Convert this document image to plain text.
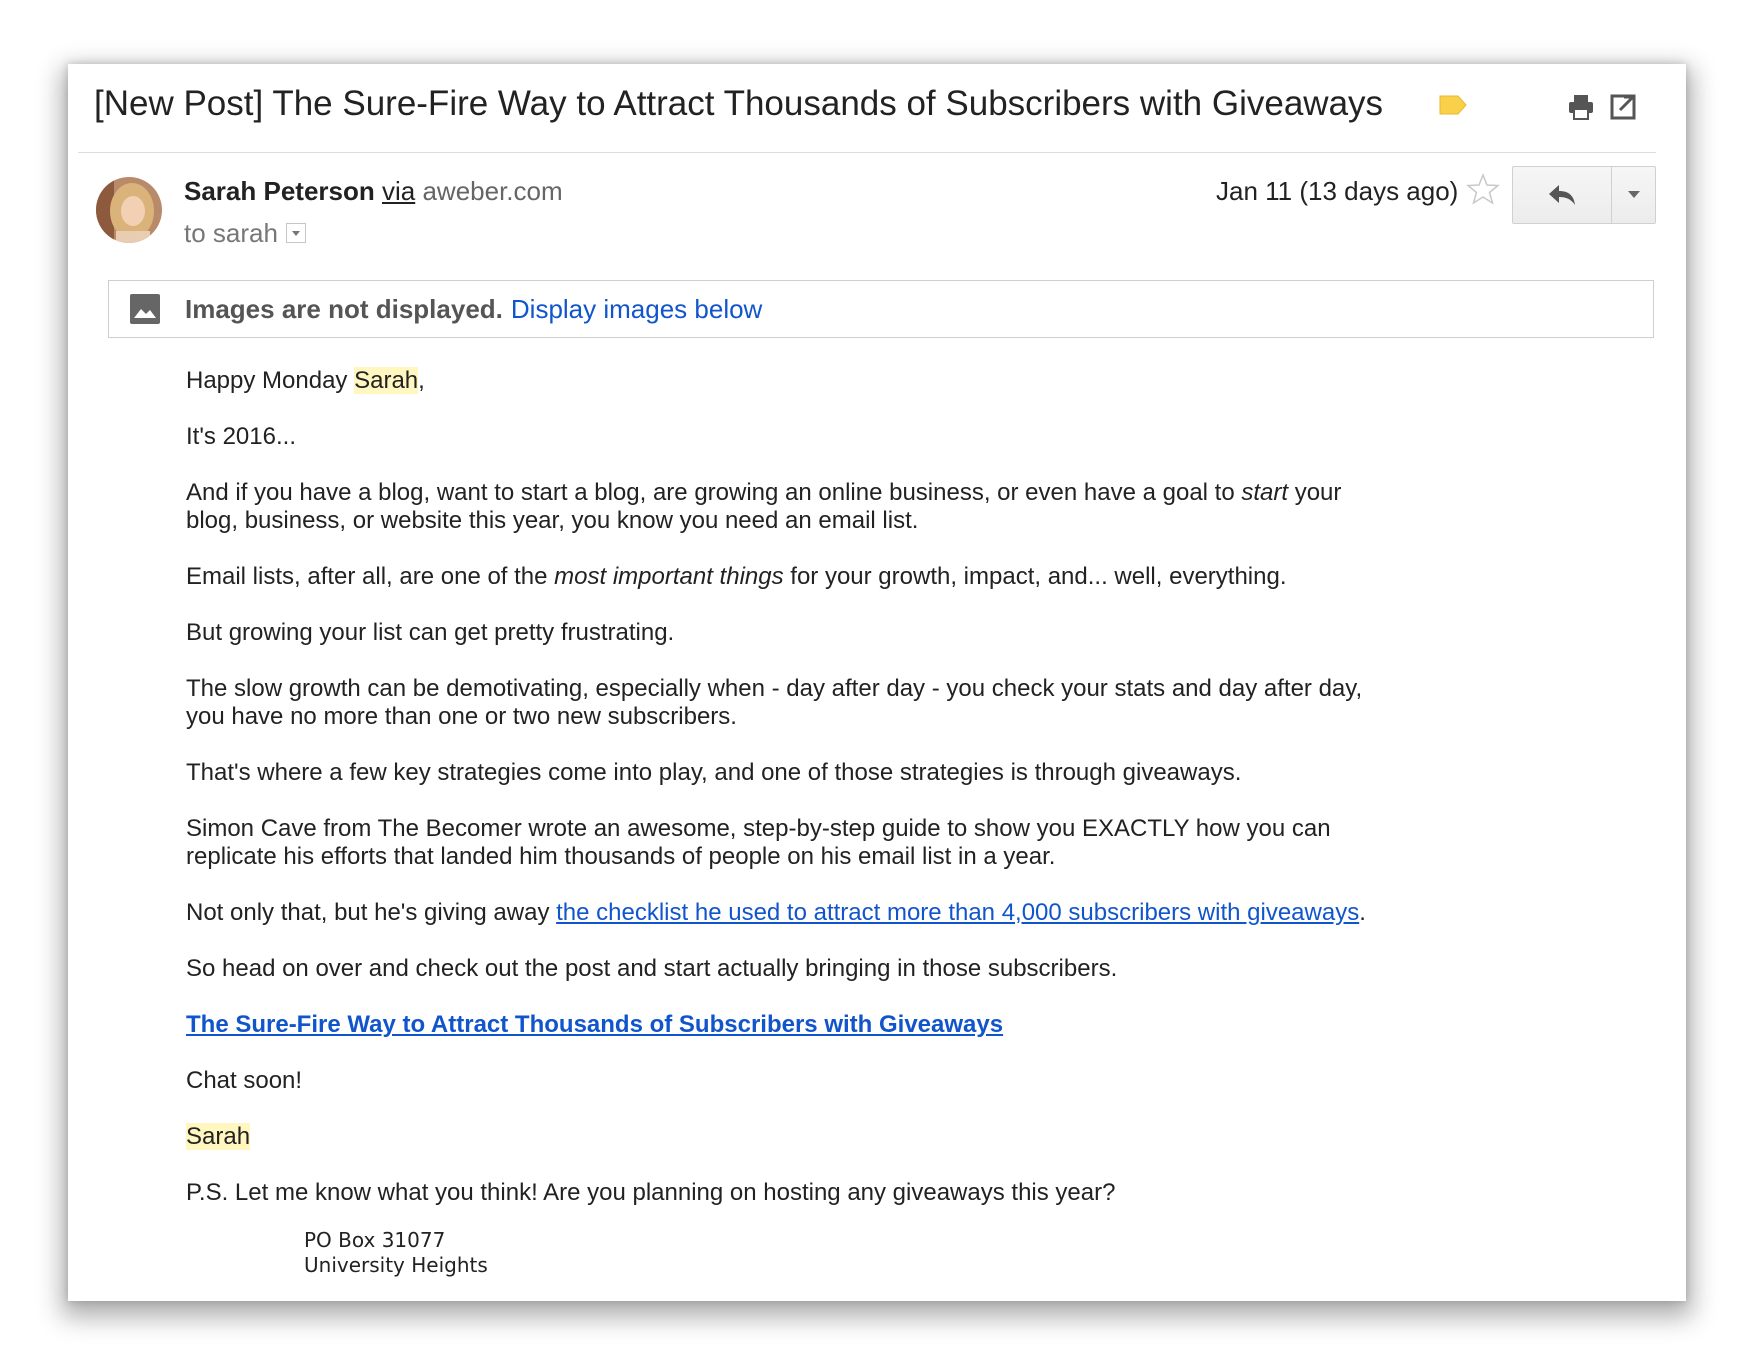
[New Post] The Sure-Fire Way to Attract Thousands of Subscribers with Giveaways
Sarah Peterson via aweber.com
to sarah
Jan 11 (13 days ago)
Images are not displayed. Display images below

Happy Monday Sarah,

It's 2016...

And if you have a blog, want to start a blog, are growing an online business, or even have a goal to start your blog, business, or website this year, you know you need an email list.

Email lists, after all, are one of the most important things for your growth, impact, and... well, everything.

But growing your list can get pretty frustrating.

The slow growth can be demotivating, especially when - day after day - you check your stats and day after day, you have no more than one or two new subscribers.

That's where a few key strategies come into play, and one of those strategies is through giveaways.

Simon Cave from The Becomer wrote an awesome, step-by-step guide to show you EXACTLY how you can replicate his efforts that landed him thousands of people on his email list in a year.

Not only that, but he's giving away the checklist he used to attract more than 4,000 subscribers with giveaways.

So head on over and check out the post and start actually bringing in those subscribers.

The Sure-Fire Way to Attract Thousands of Subscribers with Giveaways

Chat soon!

Sarah

P.S. Let me know what you think! Are you planning on hosting any giveaways this year?

PO Box 31077
University Heights
